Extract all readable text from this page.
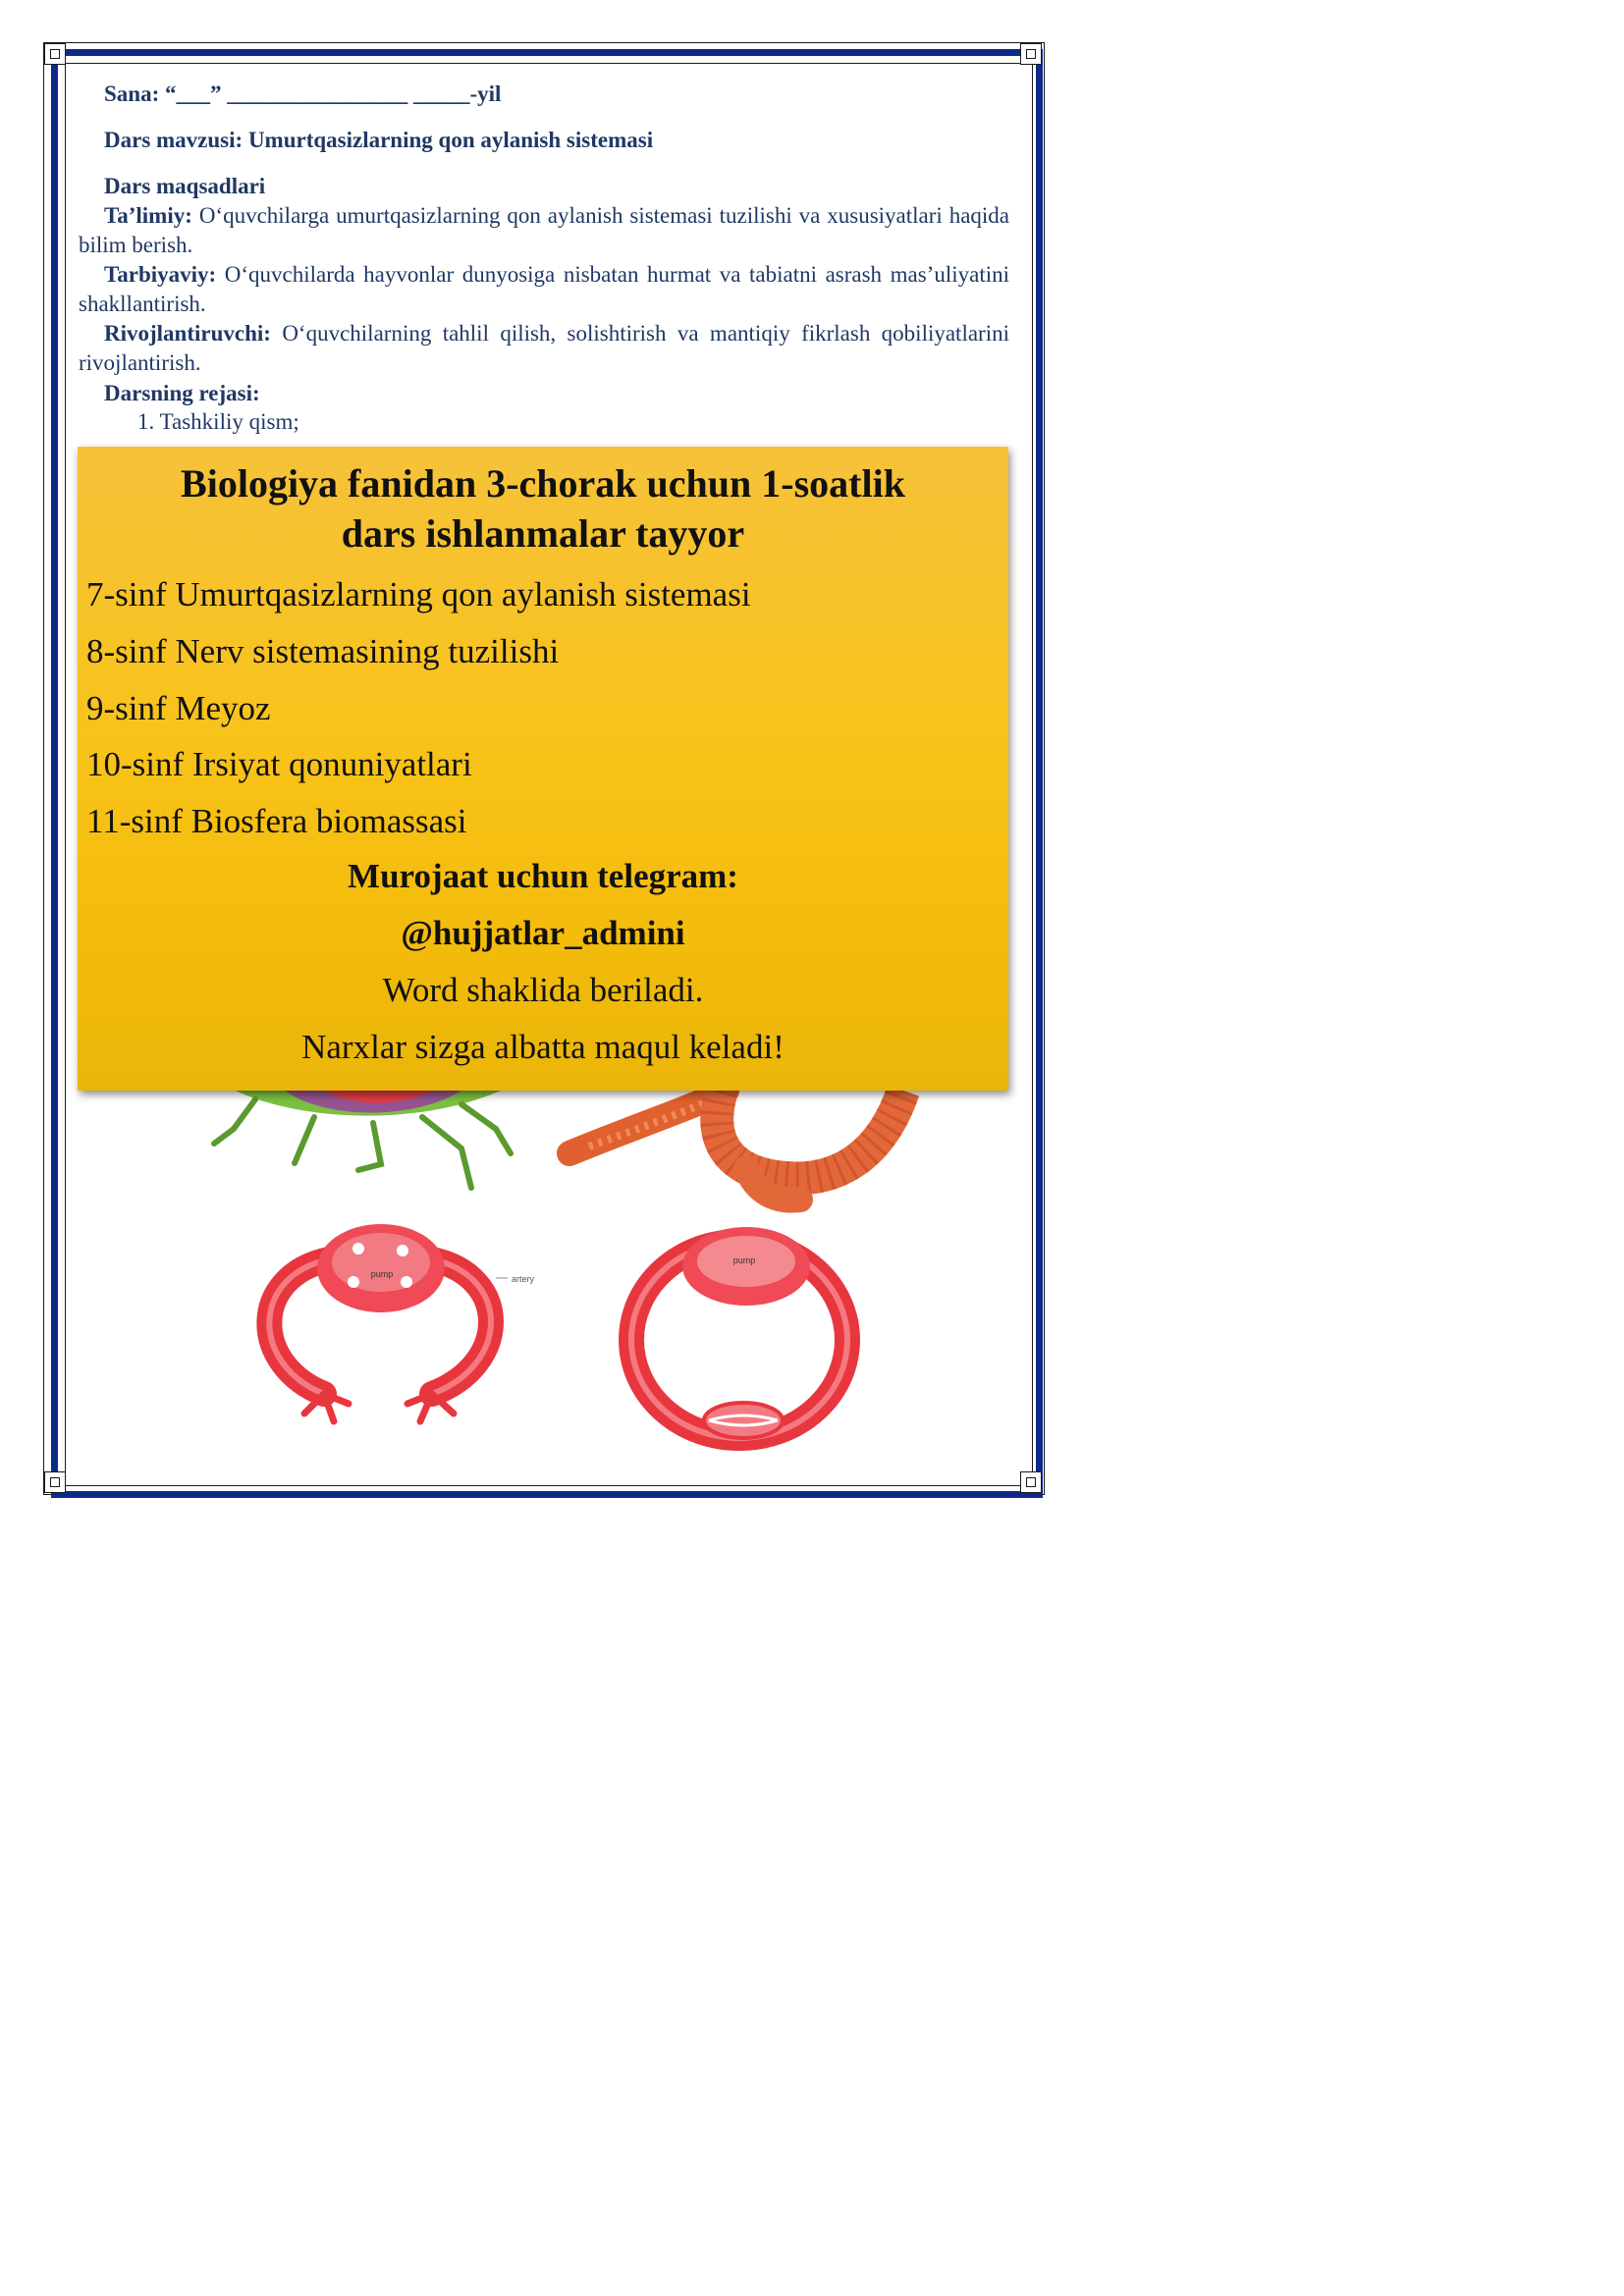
Sana: “___” ________________ _____-yil
Dars mavzusi: Umurtqasizlarning qon aylanish sistemasi
Dars maqsadlari
Ta’limiy: O‘quvchilarga umurtqasizlarning qon aylanish sistemasi tuzilishi va xususiyatlari haqida bilim berish.
Tarbiyaviy: O‘quvchilarda hayvonlar dunyosiga nisbatan hurmat va tabiatni asrash mas’uliyatini shakllantirish.
Rivojlantiruvchi: O‘quvchilarning tahlil qilish, solishtirish va mantiqiy fikrlash qobiliyatlarini rivojlantirish.
Darsning rejasi:
1. Tashkiliy qism;
pump	artery
pump
Biologiya fanidan 3-chorak uchun 1-soatlik
dars ishlanmalar tayyor
7-sinf Umurtqasizlarning qon aylanish sistemasi
8-sinf Nerv sistemasining tuzilishi
9-sinf Meyoz
10-sinf Irsiyat qonuniyatlari
11-sinf Biosfera biomassasi
Murojaat uchun telegram:
@hujjatlar_admini
Word shaklida beriladi.
Narxlar sizga albatta maqul keladi!
